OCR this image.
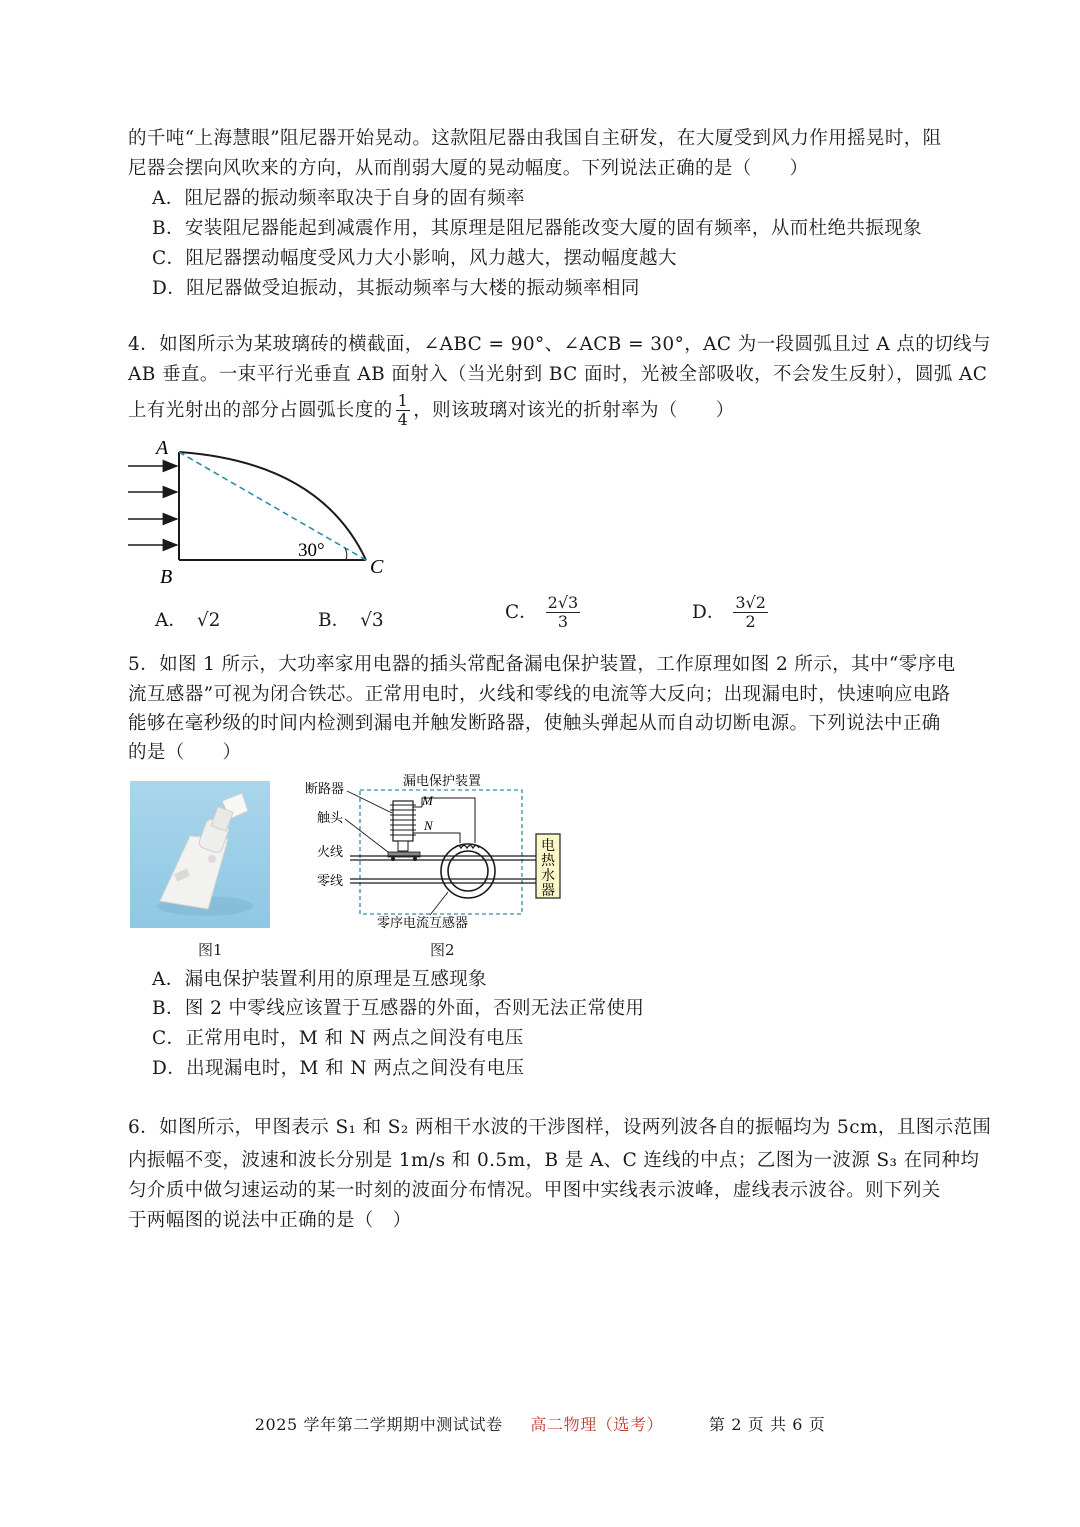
的千吨“上海慧眼”阻尼器开始晃动。这款阻尼器由我国自主研发，在大厦受到风力作用摇晃时，阻
尼器会摆向风吹来的方向，从而削弱大厦的晃动幅度。下列说法正确的是（　　）
A．阻尼器的振动频率取决于自身的固有频率
B．安装阻尼器能起到减震作用，其原理是阻尼器能改变大厦的固有频率，从而杜绝共振现象
C．阻尼器摆动幅度受风力大小影响，风力越大，摆动幅度越大
D．阻尼器做受迫振动，其振动频率与大楼的振动频率相同
4．如图所示为某玻璃砖的横截面，∠ABC = 90°、∠ACB = 30°，AC 为一段圆弧且过 A 点的切线与
AB 垂直。一束平行光垂直 AB 面射入（当光射到 BC 面时，光被全部吸收，不会发生反射），圆弧 AC
上有光射出的部分占圆弧长度的 $\frac{1}{4}$ ，则该玻璃对该光的折射率为（　　）
A
B	C
30°
A． √2	B． √3	C． $\frac{2√3}{3}$	D． $\frac{3√2}{2}$
5．如图 1 所示，大功率家用电器的插头常配备漏电保护装置，工作原理如图 2 所示，其中“零序电
流互感器”可视为闭合铁芯。正常用电时，火线和零线的电流等大反向；出现漏电时，快速响应电路
能够在毫秒级的时间内检测到漏电并触发断路器，使触头弹起从而自动切断电源。下列说法中正确
的是（　　）
图1
漏电保护装置
M
N
电
热
水
器
断路器
触头
火线
零线
零序电流互感器
图2
A．漏电保护装置利用的原理是互感现象
B．图 2 中零线应该置于互感器的外面，否则无法正常使用
C．正常用电时，M 和 N 两点之间没有电压
D．出现漏电时，M 和 N 两点之间没有电压
6．如图所示，甲图表示 S₁ 和 S₂ 两相干水波的干涉图样，设两列波各自的振幅均为 5cm，且图示范围
内振幅不变，波速和波长分别是 1m/s 和 0.5m，B 是 A、C 连线的中点；乙图为一波源 S₃ 在同种均
匀介质中做匀速运动的某一时刻的波面分布情况。甲图中实线表示波峰，虚线表示波谷。则下列关
于两幅图的说法中正确的是（　）
2025 学年第二学期期中测试试卷 高二物理（选考）	第 2 页 共 6 页
